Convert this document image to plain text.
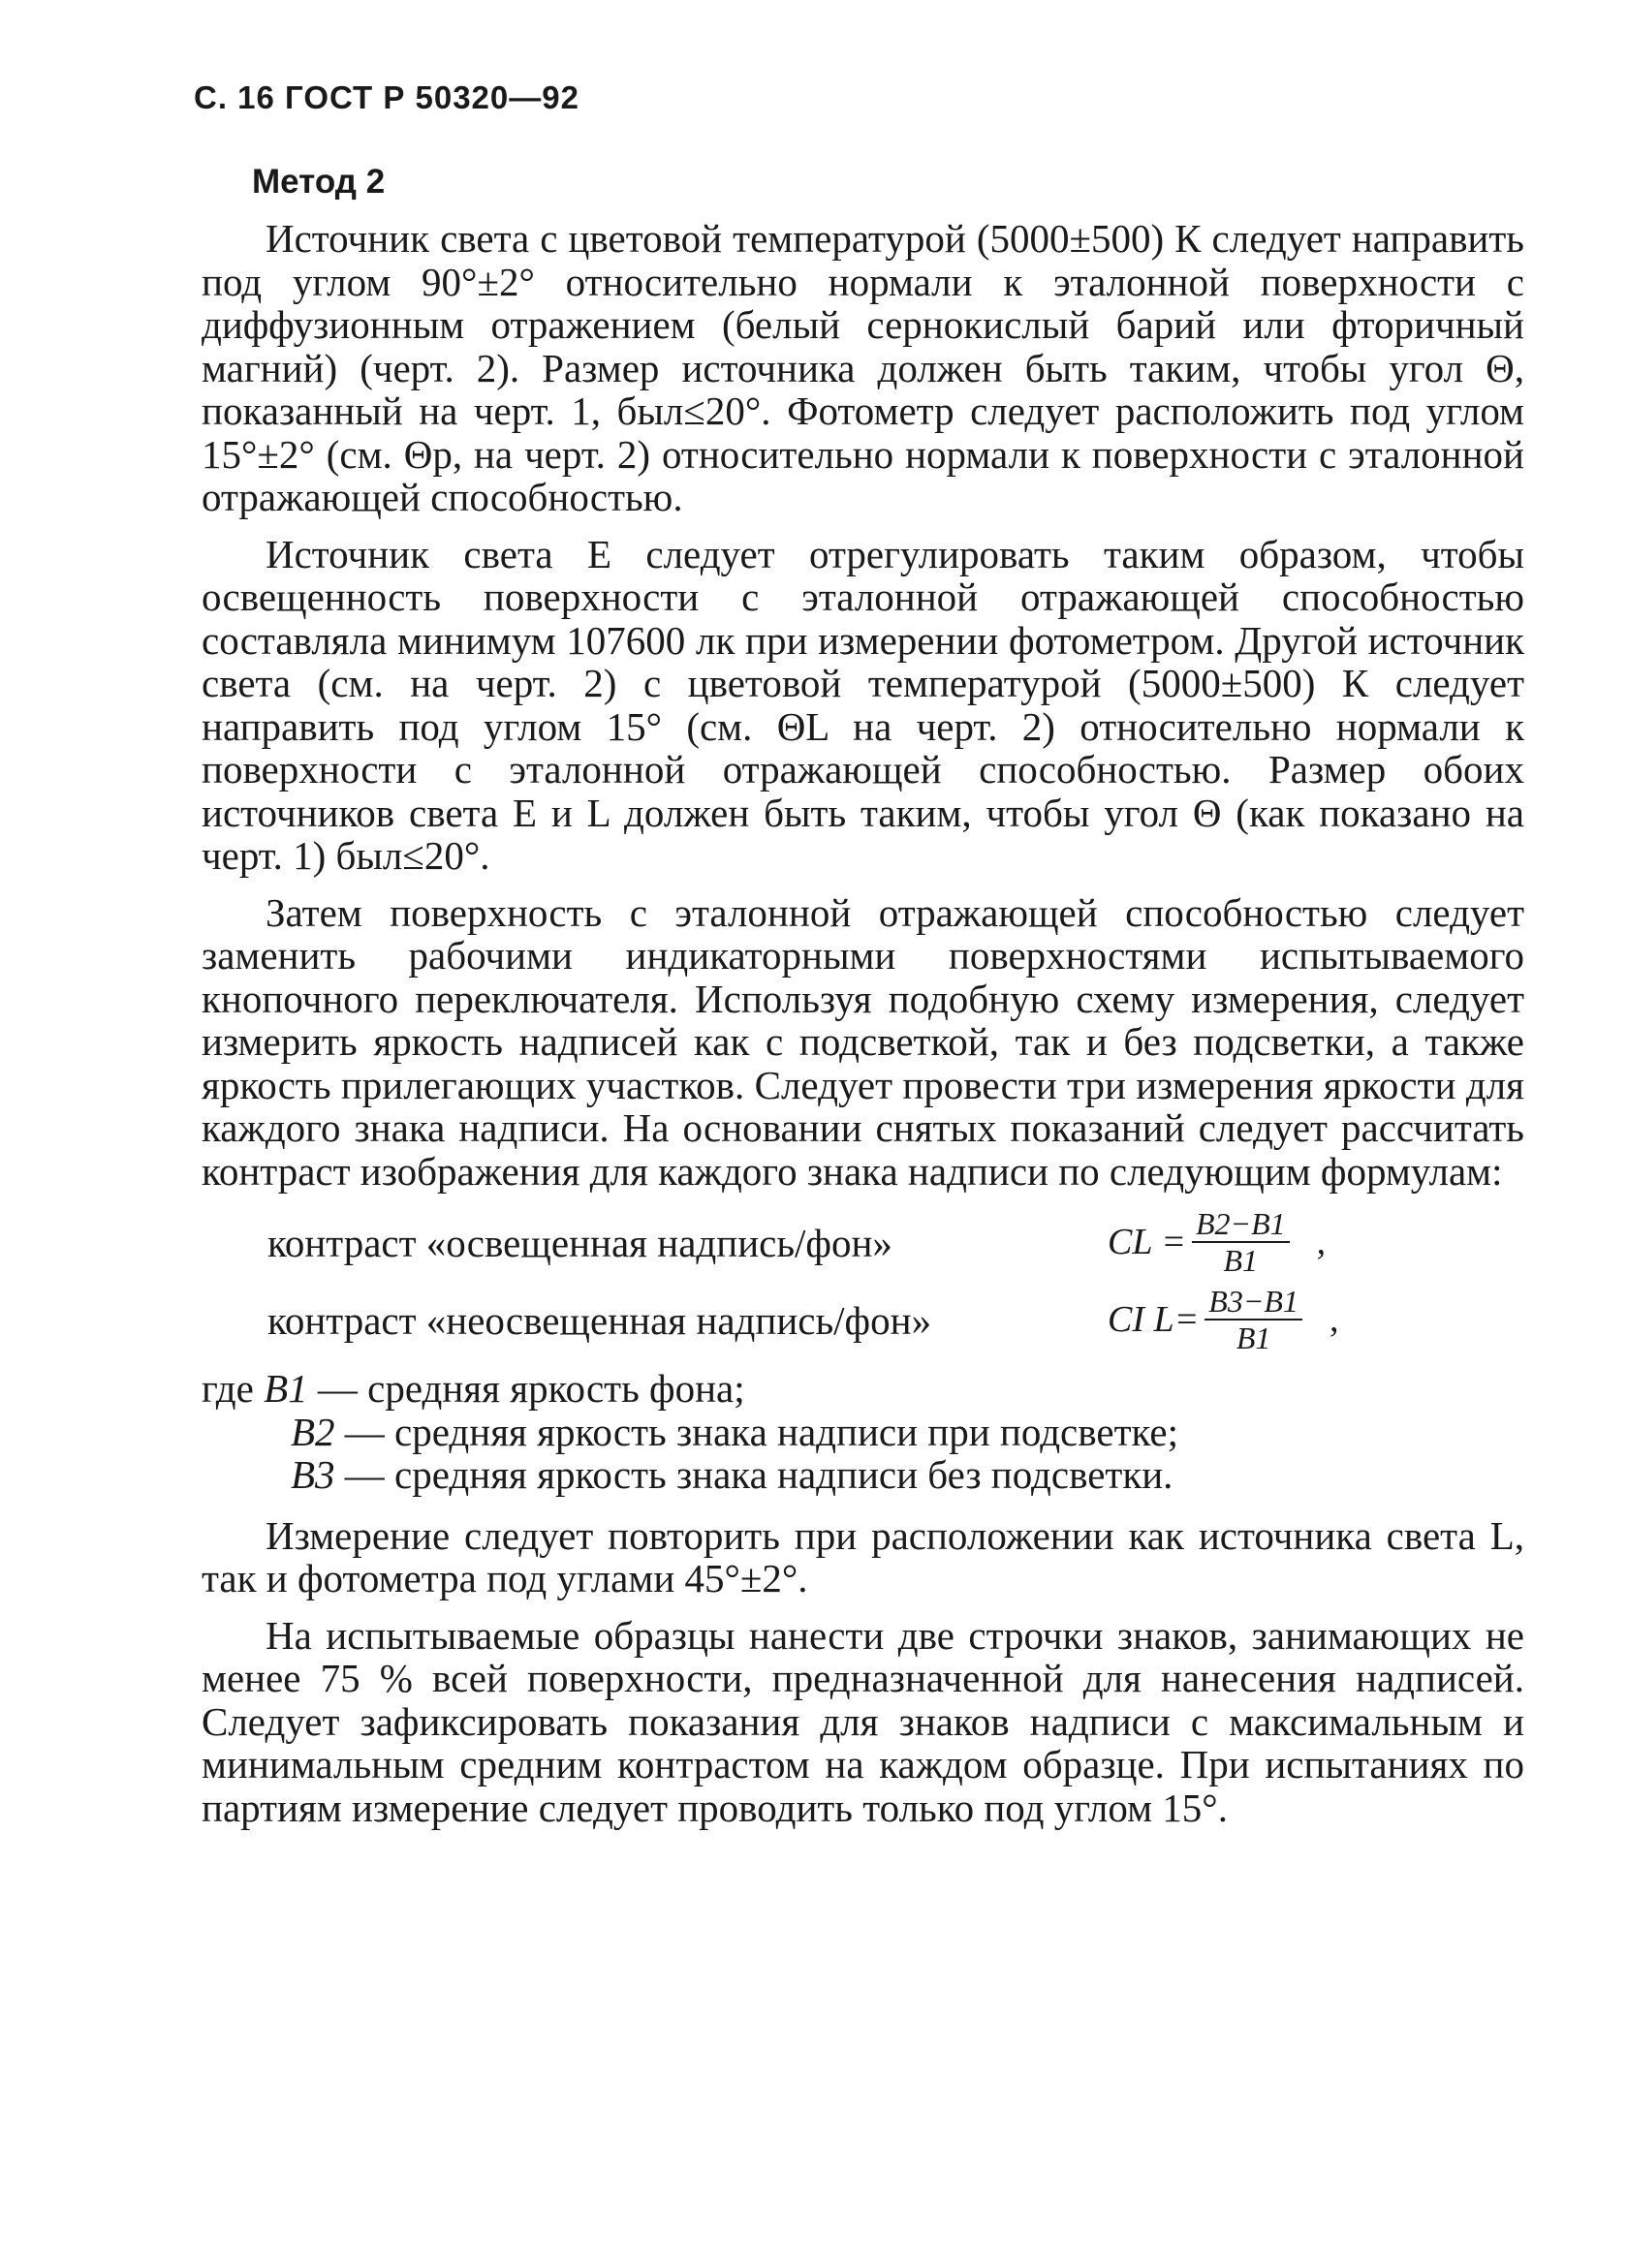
С. 16 ГОСТ Р 50320—92
Метод 2

Источник света с цветовой температурой (5000±500) К следует направить под углом 90°±2° относительно нормали к эталонной поверхности с диффузионным отражением (белый сернокислый барий или фторичный магний) (черт. 2). Размер источника должен быть таким, чтобы угол Θ, показанный на черт. 1, был≤20°. Фотометр следует расположить под углом 15°±2° (см. Θр, на черт. 2) относительно нормали к поверхности с эталонной отражающей способностью.

Источник света Е следует отрегулировать таким образом, чтобы освещенность поверхности с эталонной отражающей способностью составляла минимум 107600 лк при измерении фотометром. Другой источник света (см. на черт. 2) с цветовой температурой (5000±500) К следует направить под углом 15° (см. ΘL на черт. 2) относительно нормали к поверхности с эталонной отражающей способностью. Размер обоих источников света Е и L должен быть таким, чтобы угол Θ (как показано на черт. 1) был≤20°.

Затем поверхность с эталонной отражающей способностью следует заменить рабочими индикаторными поверхностями испытываемого кнопочного переключателя. Используя подобную схему измерения, следует измерить яркость надписей как с подсветкой, так и без подсветки, а также яркость прилегающих участков. Следует провести три измерения яркости для каждого знака надписи. На основании снятых показаний следует рассчитать контраст изображения для каждого знака надписи по следующим формулам:

контраст «освещенная надпись/фон»	CL = $\frac{B2-B1}{B1}$ ,
контраст «неосвещенная надпись/фон»	CI $L= \frac{B3-B1}{B1}$ ,
где B1 — средняя яркость фона;
B2 — средняя яркость знака надписи при подсветке;
B3 — средняя яркость знака надписи без подсветки.

Измерение следует повторить при расположении как источника света L, так и фотометра под углами 45°±2°.

На испытываемые образцы нанести две строчки знаков, занимающих не менее 75 % всей поверхности, предназначенной для нанесения надписей. Следует зафиксировать показания для знаков надписи с максимальным и минимальным средним контрастом на каждом образце. При испытаниях по партиям измерение следует проводить только под углом 15°.
